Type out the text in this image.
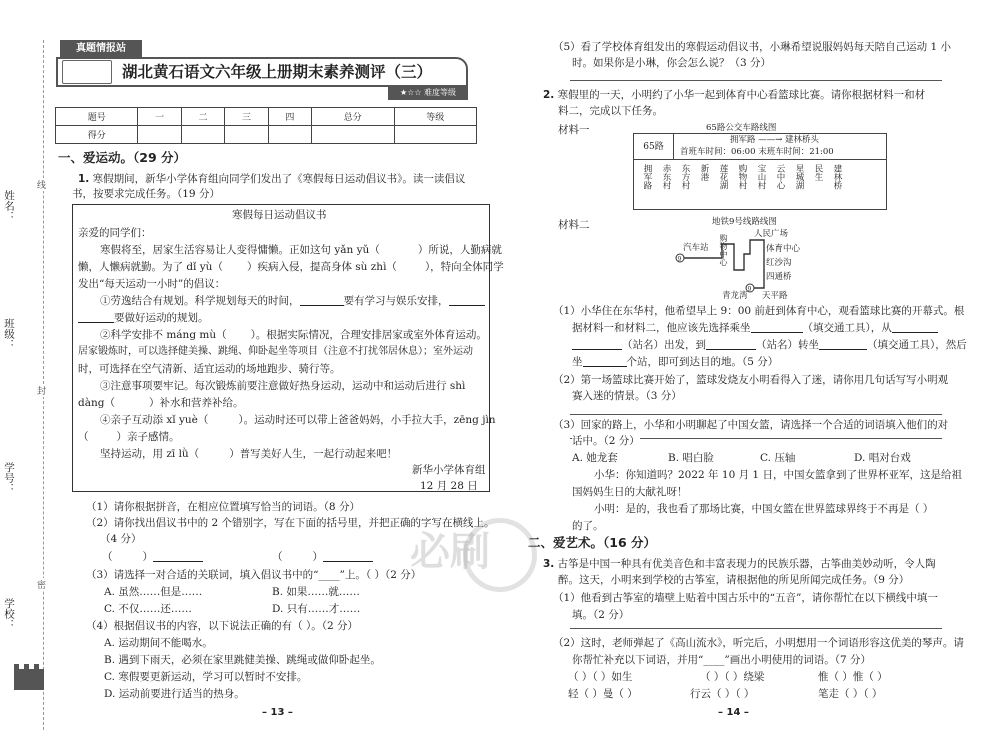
姓名：
班级：
学号：
学校：
线
封
密
真题情报站
湖北黄石语文六年级上册期末素养测评（三）
★☆☆ 难度等级
题号	一	二	三	四	总分	等级
得分						
一、爱运动。（29 分）
1. 寒假期间，新华小学体育组向同学们发出了《寒假每日运动倡议书》。读一读倡议
书，按要求完成任务。（19 分）
寒假每日运动倡议书
亲爱的同学们：
寒假将至，居家生活容易让人变得慵懒。正如这句 yǎn yǔ（	）所说，人勤病就
懒，人懒病就勤。为了 dǐ yù（ ）疾病入侵，提高身体 sù zhì（	），特向全体同学
发出“每天运动一小时”的倡议：
①劳逸结合有规划。科学规划每天的时间，	要有学习与娱乐安排，
要做好运动的规划。
②科学安排不 máng mù（ ）。根据实际情况，合理安排居家或室外体育运动。
居家锻炼时，可以选择健美操、跳绳、仰卧起坐等项目（注意不打扰邻居休息）；室外运动
时，可选择在空气清新、适宜运动的场地跑步、骑行等。
③注意事项要牢记。每次锻炼前要注意做好热身运动，运动中和运动后进行 shì
dàng（	）补水和营养补给。
④亲子互动添 xǐ yuè（	）。运动时还可以带上爸爸妈妈，小手拉大手，zēng jìn
（	）亲子感情。
坚持运动，用 zī lǜ（	）普写美好人生，一起行动起来吧！
新华小学体育组
12 月 28 日
（1）请你根据拼音，在相应位置填写恰当的词语。（8 分）
（2）请你找出倡议书中的 2 个错别字，写在下面的括号里，并把正确的字写在横线上。
（4 分）
（	）	（	）
（3）请选择一对合适的关联词，填入倡议书中的“____”上。（ ）（2 分）
A. 虽然……但是……	B. 如果……就……
C. 不仅……还……	D. 只有……才……
（4）根据倡议书的内容，以下说法正确的有（ ）。（2 分）
A. 运动期间不能喝水。
B. 遇到下雨天，必须在家里跳健美操、跳绳或做仰卧起坐。
C. 寒假要更新运动，学习可以暂时不安排。
D. 运动前要进行适当的热身。
– 13 –
（5）看了学校体育组发出的寒假运动倡议书，小琳希望说服妈妈每天陪自己运动 1 小
时。如果你是小琳，你会怎么说？（3 分）
2. 寒假里的一天，小明约了小华一起到体育中心看篮球比赛。请你根据材料一和材
料二，完成以下任务。
材料一	65路公交车路线图
65路
拥军路 ——→ 建林桥头
首班车时间：06:00 末班车时间：21:00
拥军路 赤东村 东方村 新港 莲花湖 购物村 宝山村 云中心 星城湖 民生 建林桥
材料二	地铁9号线路线图
9
9
汽车站 购物中心	人民广场
体育中心
红沙沟
四通桥
青龙湾 天平路
（1）小华住在东华村，他希望早上 9：00 前赶到体育中心，观看篮球比赛的开幕式。根
据材料一和材料二，他应该先选择乘坐	（填交通工具），从
（站名）出发，到	（站名）转坐	（填交通工具），然后
坐	个站，即可到达目的地。（5 分）
（2）第一场篮球比赛开始了，篮球发烧友小明看得入了迷，请你用几句话写写小明观
赛入迷的情景。（3 分）
（3）回家的路上，小华和小明聊起了中国女篮，请选择一个合适的词语填入他们的对
话中。（2 分）
A. 她龙套	B. 唱白脸	C. 压轴	D. 唱对台戏
小华：你知道吗？2022 年 10 月 1 日，中国女篮拿到了世界杯亚军，这是给祖
国妈妈生日的大献礼呀！
小明：是的，我也看了那场比赛，中国女篮在世界篮球界终于不再是（ ）
的了。
必刷	二、爱艺术。（16 分）
3. 古筝是中国一种具有优美音色和丰富表现力的民族乐器，古筝曲美妙动听，令人陶
醉。这天，小明来到学校的古筝室，请根据他的所见所闻完成任务。（9 分）
（1）他看到古筝室的墙壁上贴着中国古乐中的“五音”，请你帮忙在以下横线中填一
填。（2 分）
（2）这时，老师弹起了《高山流水》，听完后，小明想用一个词语形容这优美的琴声。请
你帮忙补充以下词语，并用“____”画出小明使用的词语。（7 分）
（ ）（ ）如生	（ ）（ ）绕梁	惟（ ）惟（ ）
轻（ ）曼（ ）	行云（ ）（ ）	笔走（ ）（ ）
– 14 –
